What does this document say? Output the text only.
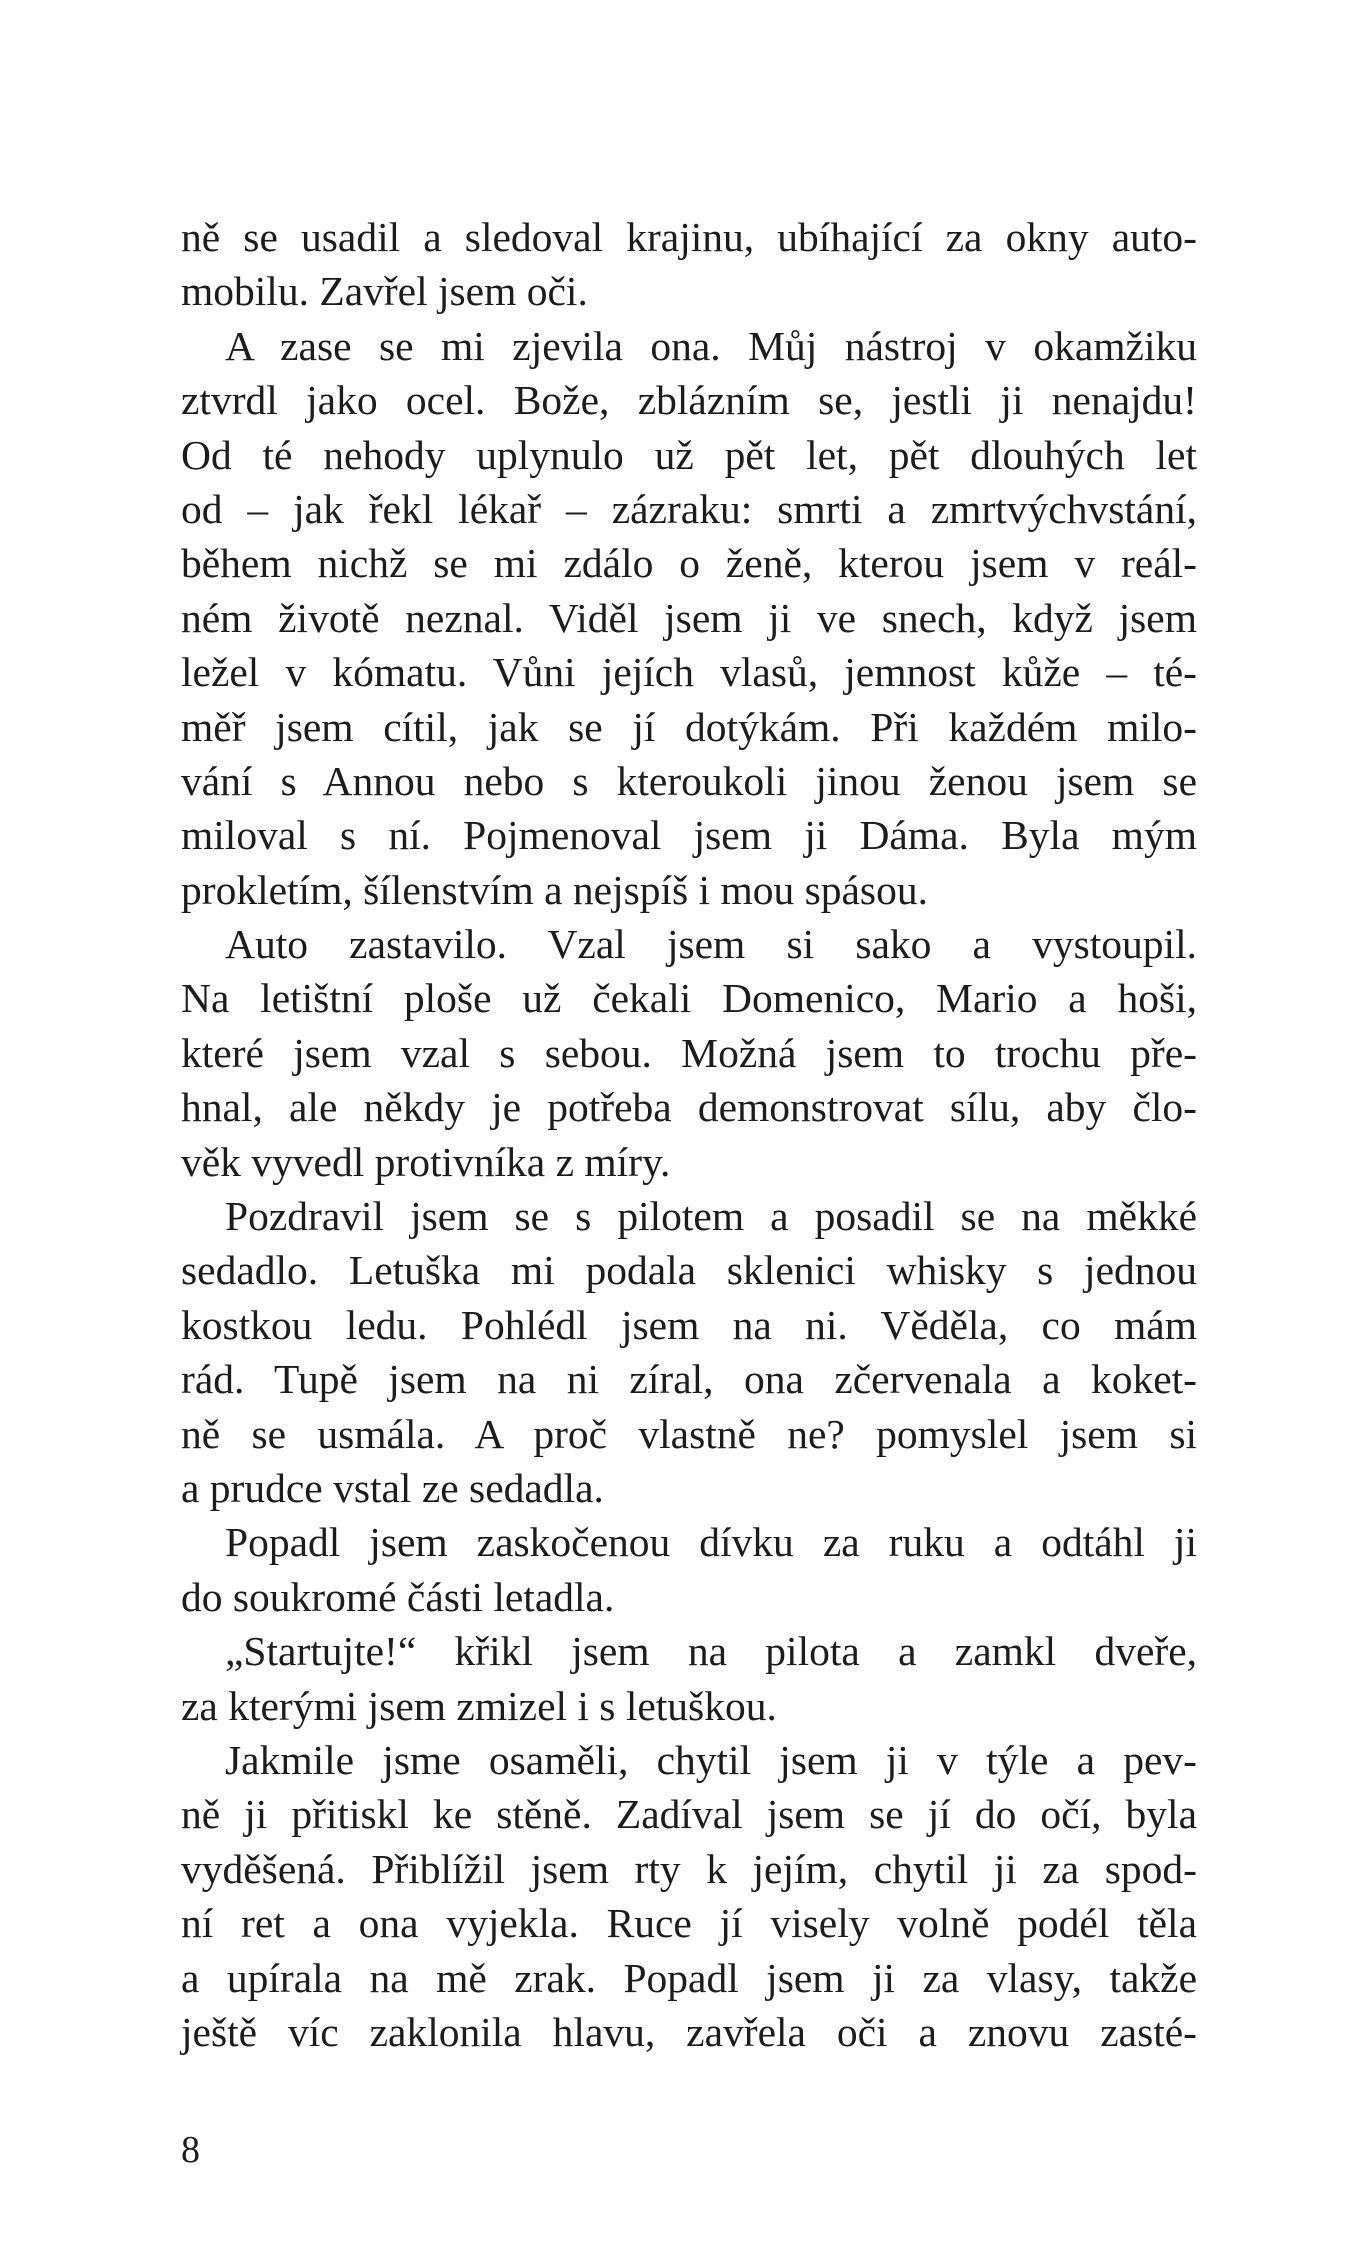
ně se usadil a sledoval krajinu, ubíhající za okny auto-
mobilu. Zavřel jsem oči.
A zase se mi zjevila ona. Můj nástroj v okamžiku
ztvrdl jako ocel. Bože, zblázním se, jestli ji nenajdu!
Od té nehody uplynulo už pět let, pět dlouhých let
od – jak řekl lékař – zázraku: smrti a zmrtvýchvstání,
během nichž se mi zdálo o ženě, kterou jsem v reál-
ném životě neznal. Viděl jsem ji ve snech, když jsem
ležel v kómatu. Vůni jejích vlasů, jemnost kůže – té-
měř jsem cítil, jak se jí dotýkám. Při každém milo-
vání s Annou nebo s kteroukoli jinou ženou jsem se
miloval s ní. Pojmenoval jsem ji Dáma. Byla mým
prokletím, šílenstvím a nejspíš i mou spásou.
Auto zastavilo. Vzal jsem si sako a vystoupil.
Na letištní ploše už čekali Domenico, Mario a hoši,
které jsem vzal s sebou. Možná jsem to trochu pře-
hnal, ale někdy je potřeba demonstrovat sílu, aby člo-
věk vyvedl protivníka z míry.
Pozdravil jsem se s pilotem a posadil se na měkké
sedadlo. Letuška mi podala sklenici whisky s jednou
kostkou ledu. Pohlédl jsem na ni. Věděla, co mám
rád. Tupě jsem na ni zíral, ona zčervenala a koket-
ně se usmála. A proč vlastně ne? pomyslel jsem si
a prudce vstal ze sedadla.
Popadl jsem zaskočenou dívku za ruku a odtáhl ji
do soukromé části letadla.
„Startujte!“ křikl jsem na pilota a zamkl dveře,
za kterými jsem zmizel i s letuškou.
Jakmile jsme osaměli, chytil jsem ji v týle a pev-
ně ji přitiskl ke stěně. Zadíval jsem se jí do očí, byla
vyděšená. Přiblížil jsem rty k jejím, chytil ji za spod-
ní ret a ona vyjekla. Ruce jí visely volně podél těla
a upírala na mě zrak. Popadl jsem ji za vlasy, takže
ještě víc zaklonila hlavu, zavřela oči a znovu zasté-
8
